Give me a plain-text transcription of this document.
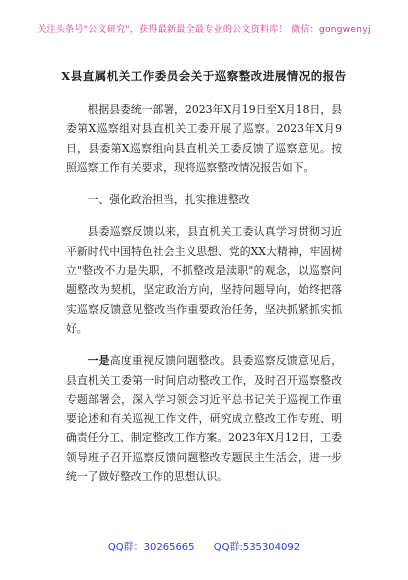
关注头条号"公文研究"，获得最新最全最专业的公文资料库！ 微信：gongwenyj
X县直属机关工作委员会关于巡察整改进展情况的报告

根据县委统一部署，2023年X月19日至X月18日，县委第X巡察组对县直机关工委开展了巡察。2023年X月9日，县委第X巡察组向县直机关工委反馈了巡察意见。按照巡察工作有关要求，现将巡察整改情况报告如下。

一、强化政治担当，扎实推进整改

县委巡察反馈以来，县直机关工委认真学习贯彻习近平新时代中国特色社会主义思想、党的XX大精神，牢固树立"整改不力是失职，不抓整改是渎职"的观念，以巡察问题整改为契机，坚定政治方向，坚持问题导向，始终把落实巡察反馈意见整改当作重要政治任务，坚决抓紧抓实抓好。

一是高度重视反馈问题整改。县委巡察反馈意见后，县直机关工委第一时间启动整改工作，及时召开巡察整改专题部署会，深入学习领会习近平总书记关于巡视工作重要论述和有关巡视工作文件，研究成立整改工作专班、明确责任分工、制定整改工作方案。2023年X月12日，工委领导班子召开巡察反馈问题整改专题民主生活会，进一步统一了做好整改工作的思想认识。

QQ群：30265665 QQ群:535304092
